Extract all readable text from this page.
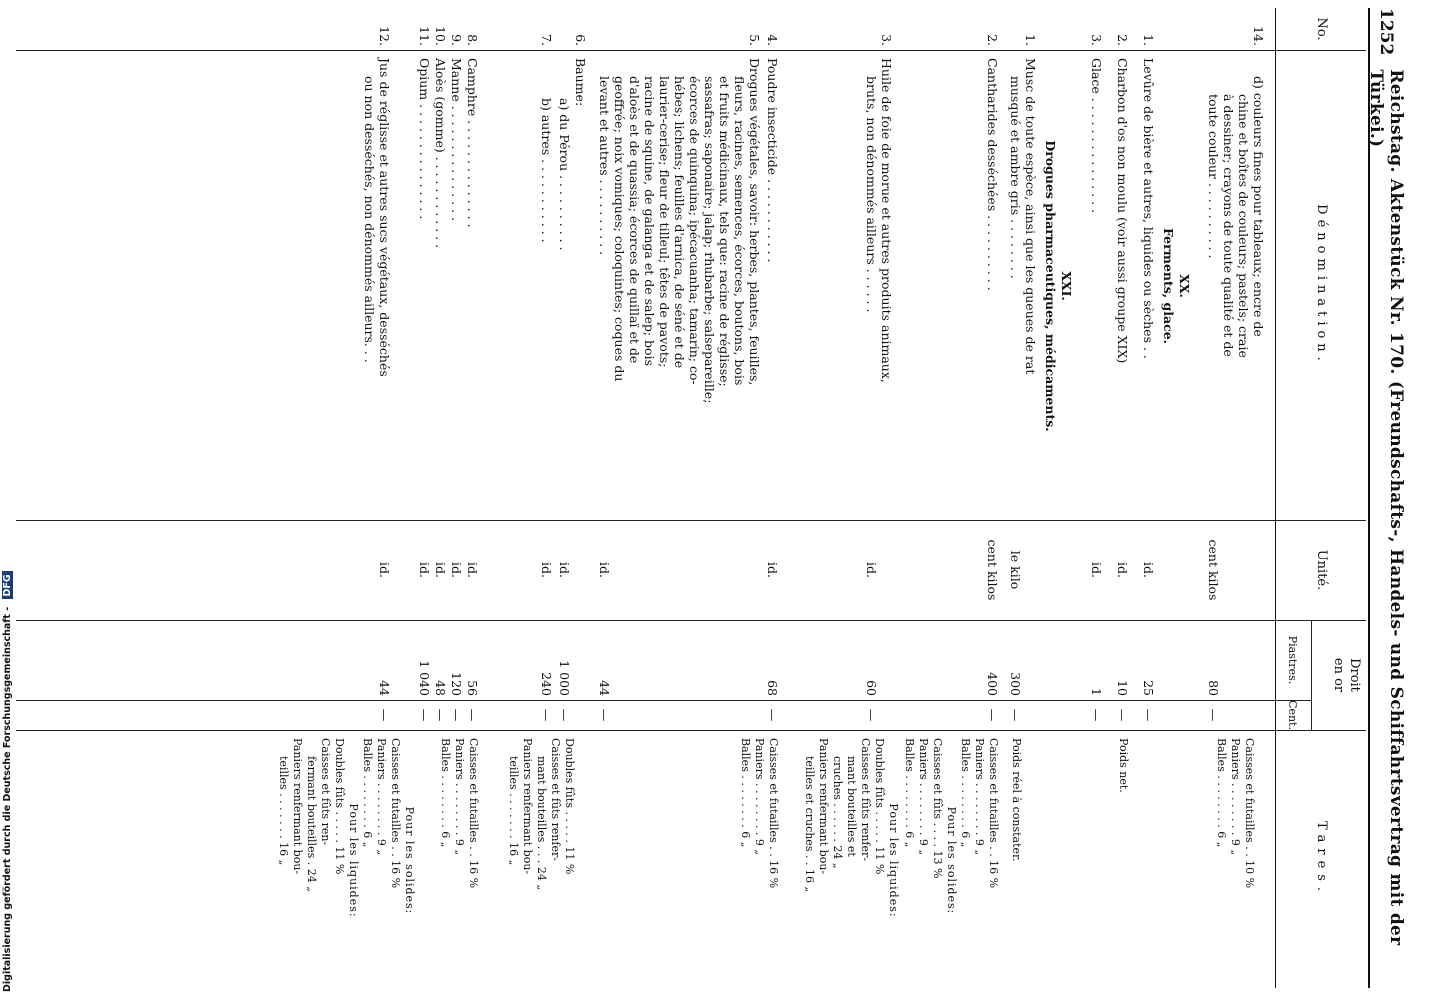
1252
Reichstag. Aktenstück Nr. 170. (Freundschafts-, Handels- und Schiffahrtsvertrag mit der Türkei.)
No.
Dénomination.
Unité.
Droit
en or
Piastres.
Cent.
Tares.
14.
d) couleurs fines pour tableaux; encre de
chine et boîtes de couleurs; pastels; craie
à dessiner; crayons de toute qualité et de
toute couleur . . . . . . . . . .
cent kilos
80
—
Caisses et futailles . . 10 %
Paniers . . . . . . . . 9 „
Balles . . . . . . . . 6 „
XX.
Ferments, glace.
1.
Levûre de bière et autres, liquides ou sèches . .
id.
25
—
2.
Charbon d'os non moulu (voir aussi groupe XIX)
id.
10
—
Poids net.
3.
Glace . . . . . . . . . . . . . . .
id.
1
—
XXI.
Drogues pharmaceutiques, médicaments.
1.
Musc de toute espèce, ainsi que les queues de rat
musqué et ambre gris . . . . . . . .
le kilo
300
—
Poids réel à constater.
2.
Cantharides desséchées . . . . . . . . . .
cent kilos
400
—
Caisses et futailles . . 16 %
Paniers . . . . . . . . 9 „
Balles . . . . . . . . 6 „
Pour les solides:
Caisses et fûts . . . . 13 %
Paniers . . . . . . . . 9 „
Balles . . . . . . . . 6 „
3.
Huile de foie de morue et autres produits animaux,
bruts, non dénommés ailleurs . . . . . .
id.
60
—
Pour les liquides:
Doubles fûts . . . . . 11 %
Caisses et fûts renfer-
mant bouteilles et
cruches . . . . . . 24 „
Paniers renfermant bou-
teilles et cruches . . 16 „
4.
Poudre insecticide . . . . . . . . . . .
id.
68
—
Caisses et futailles . . 16 %
Paniers . . . . . . . . 9 „
Balles . . . . . . . . 6 „
5.
Drogues végétales, savoir: herbes, plantes, feuilles,
fleurs, racines, semences, écorces, boutons, bois
et fruits médicinaux, tels que: racine de réglisse;
sassafras; saponaire; jalap; rhubarbe; salsepareille;
écorces de quinquina; ipécacuanha; tamarin; co-
hébes; lichens; feuilles d'arnica, de séné et de
laurier-cerise; fleur de tilleul; têtes de pavots;
racine de squine, de galanga et de salep; bois
d'aloès et de quassia; écorces de quillaï et de
geoffrée; noix vomiques; coloquintes; coques du
levant et autres . . . . . . . . . .
id.
44
—
6.
Baume:
a) du Pérou . . . . . . . . . .
id.
1 000
—
Doubles fûts . . . . . 11 %
Caisses et fûts renfer-
mant bouteilles . . . 24 „
Paniers renfermant bou-
teilles . . . . . . . 16 „
7.
b) autres . . . . . . . . . . .
id.
240
—
8.
Camphre . . . . . . . . . . . . . .
id.
56
—
Caisses et futailles . . 16 %
Paniers . . . . . . . . 9 „
Balles . . . . . . . . 6 „
9.
Manne . . . . . . . . . . . . . . .
id.
120
—
10.
Aloès (gomme) . . . . . . . . . . . .
id.
48
—
11.
Opium . . . . . . . . . . . . . . .
id.
1 040
—
12.
Jus de réglisse et autres sucs végétaux, desséchés
ou non desséchés, non dénommés ailleurs. . .
id.
44
—
Pour les solides:
Caisses et futailles . . 16 %
Paniers . . . . . . . . 9 „
Balles . . . . . . . . 6 „
Pour les liquides:
Doubles fûts . . . . . 11 %
Caisses et fûts ren-
fermant bouteilles . 24 „
Paniers renfermant bou-
teilles . . . . . . . 16 „
Digitalisierung gefördert durch die Deutsche Forschungsgemeinschaft - DFG
